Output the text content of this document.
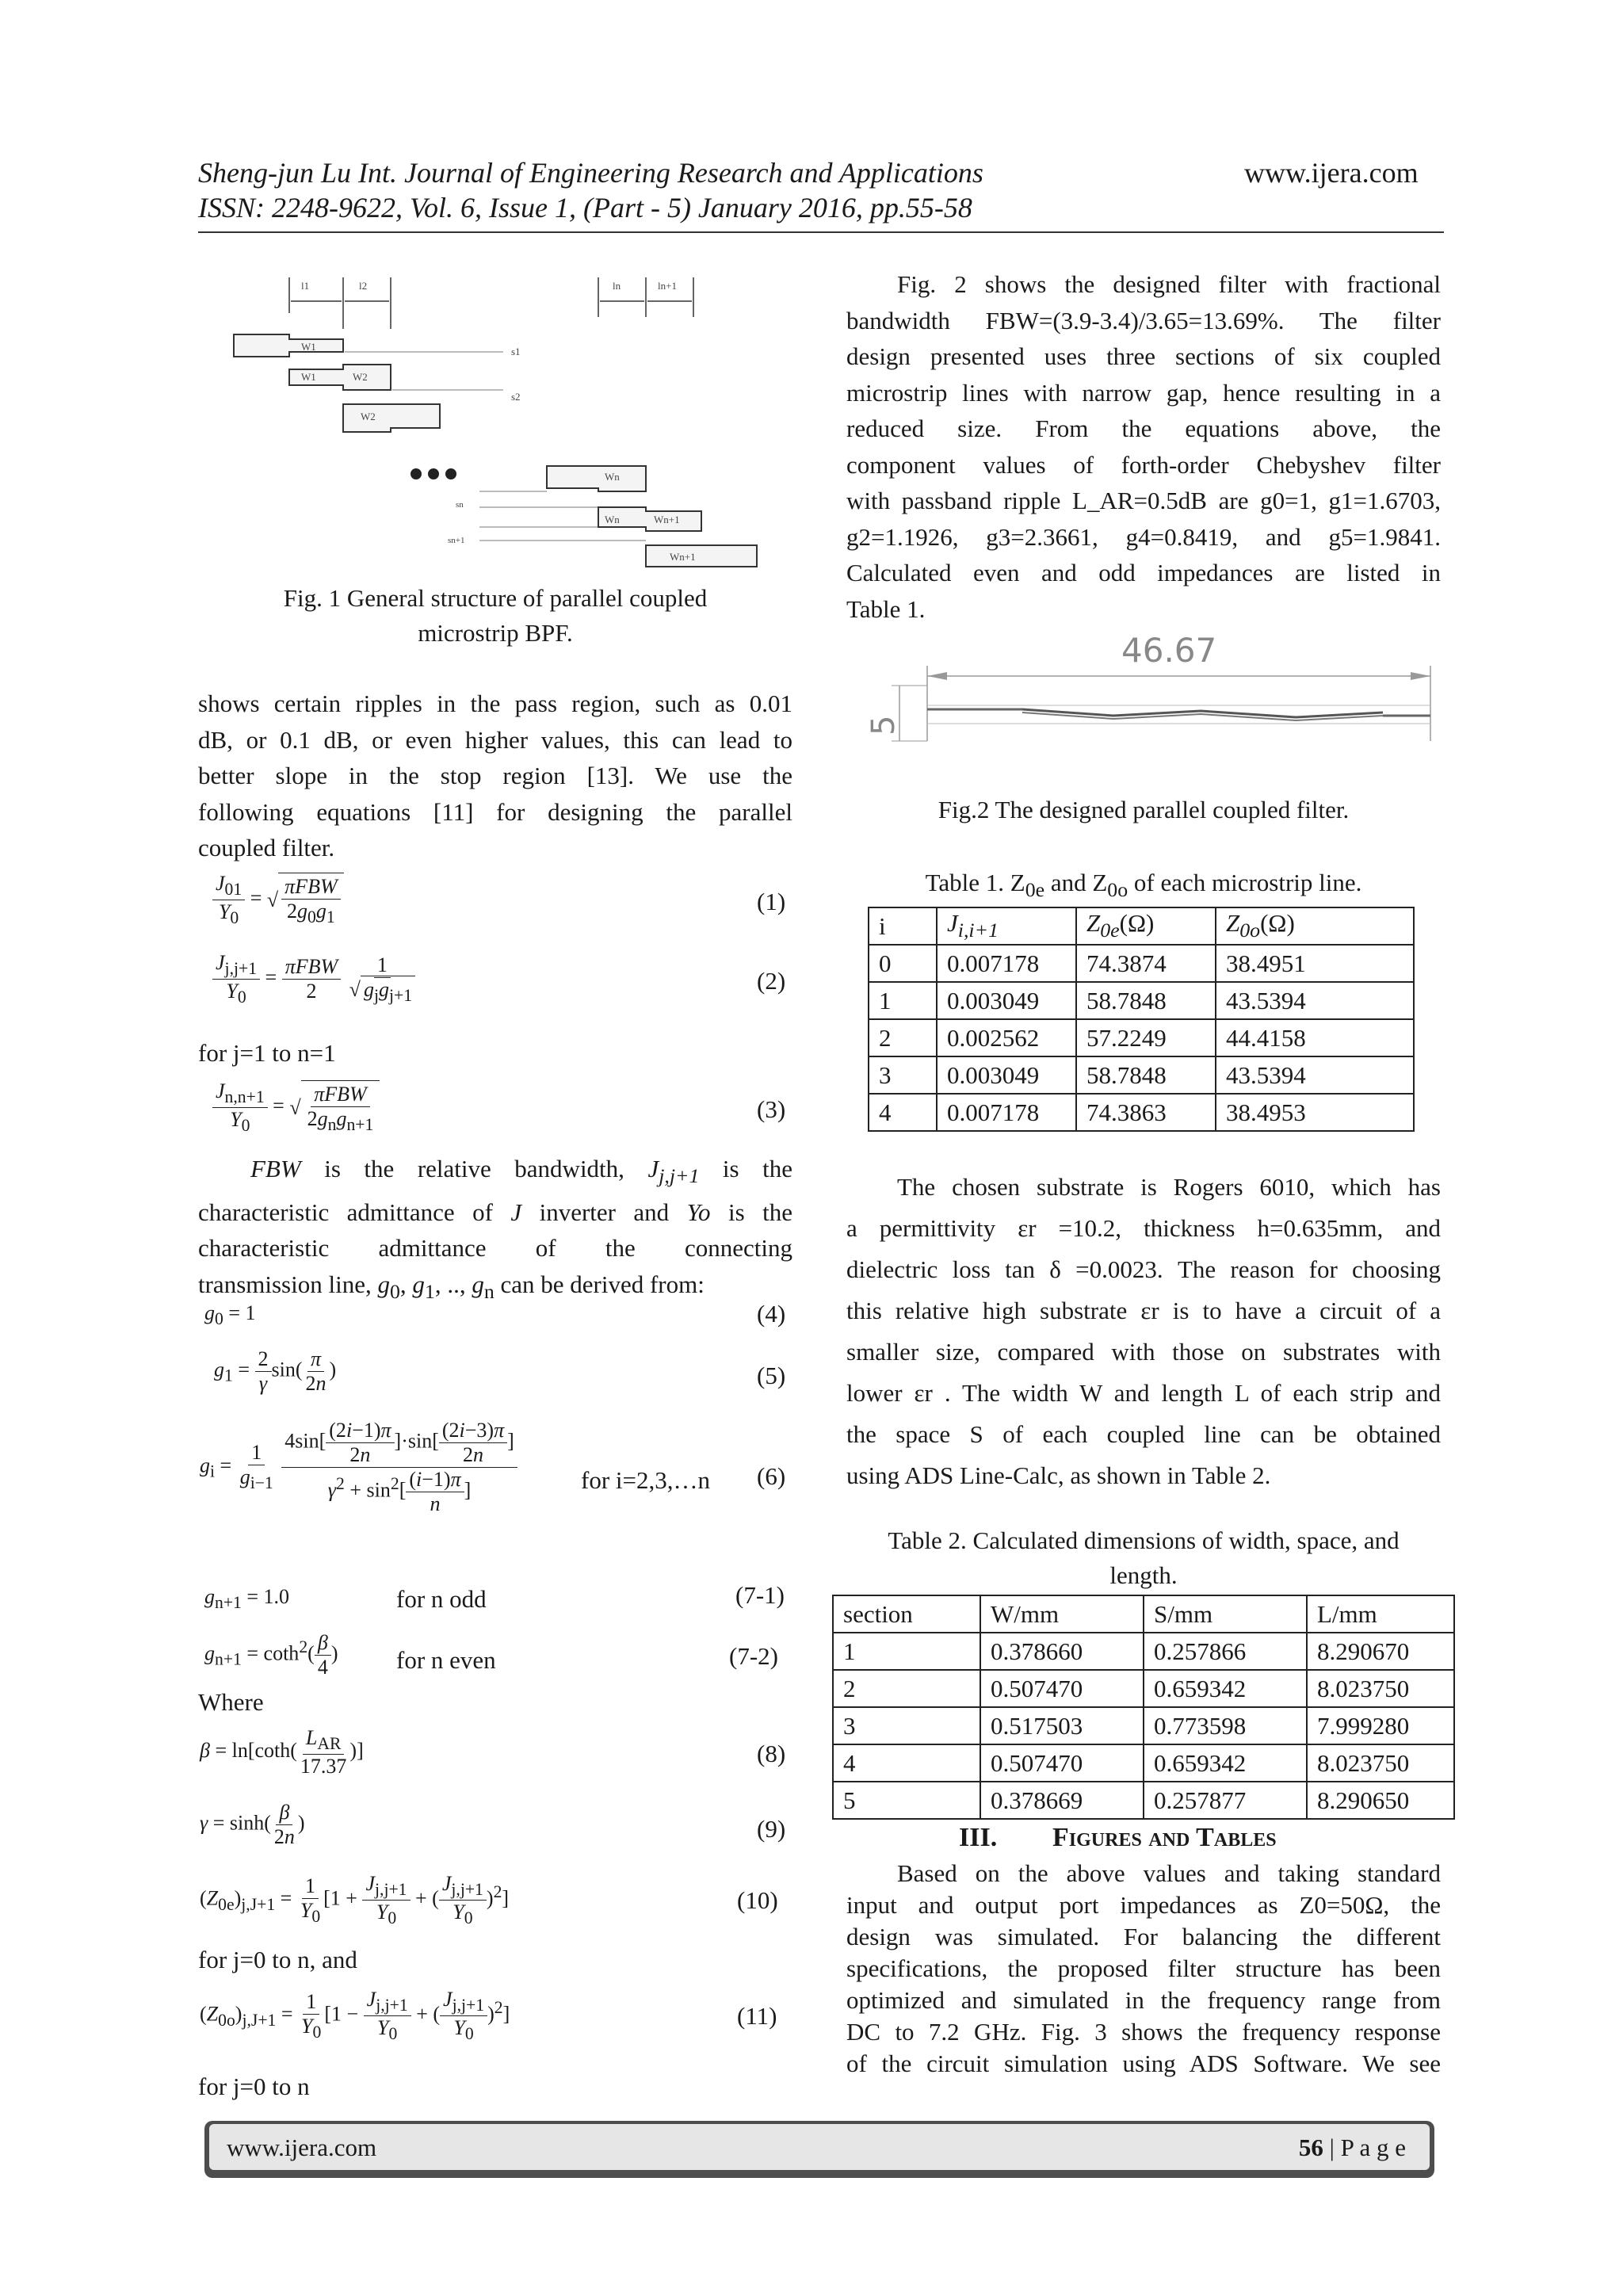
Sheng-jun Lu Int. Journal of Engineering Research and Applications	www.ijera.com
ISSN: 2248-9622, Vol. 6, Issue 1, (Part - 5) January 2016, pp.55-58
l1	l2	ln	ln+1
W1	s1
W1	W2
s2
W2
Wn
sn
Wn	Wn+1
sn+1
Wn+1
Fig. 1 General structure of parallel coupled
microstrip BPF.
shows certain ripples in the pass region, such as 0.01
dB, or 0.1 dB, or even higher values, this can lead to
better slope in the stop region [13]. We use the
following equations [11] for designing the parallel
coupled filter.
$\frac{J_{01}}{Y_0}$ = √ $\frac{\text{πFBW}}{2g_0g_1}$	(1)
$\frac{J_{j,j+1}}{Y_0} = \frac{\text{πFBW}}{2}$
$\frac{1}{√ g_jg_{j+1}}$	(2)
for j=1 to n=1
$\frac{J_{n,n+1}}{Y_0}$ = √ $\frac{\text{πFBW}}{2g_ng_{n+1}}$	(3)
FBW is the relative bandwidth, $J_{j,j+1}$ is the
characteristic admittance of J inverter and Yo is the
characteristic admittance of the connecting
transmission line, $g_0$, $g_1$, .., $g_n$ can be derived from:
$g_0 = 1$	(4)
$g_1 = \frac{2}{\gamma} \sin( \frac{\pi}{2n}$ )	(5)
$g_i = \frac{1}{g_{i-1}}$
$\frac{4\sin[ \frac{(2i-1)\pi}{2n} ]\cdot\sin[ \frac{(2i-3)\pi}{2n} ]}{\gamma^2 + \sin^2[ \frac{(i-1)\pi}{n} ]}$	for i=2,3,…n (6)
$g_{n+1} = 1.0$	for n odd	(7-1)
$g_{n+1} = \cot h^2( \frac{\beta}{4}$ ) for n even	(7-2)
Where
$\beta = \ln[\cot h( \frac{L_{AR}}{17.37}$ )]	(8)
$\gamma = \sinh( \frac{\beta}{2n}$ )	(9)
$(Z_{0e})_{j,J+1} = \frac{1}{Y_0} [1 + \frac{J_{j,j+1}}{Y_0}$ + ( $\frac{J_{j,j+1}}{Y_0} )^2$]	(10)
for j=0 to n, and
$(Z_{0o})_{j,J+1} = \frac{1}{Y_0} [1 - \frac{J_{j,j+1}}{Y_0}$ + ( $\frac{J_{j,j+1}}{Y_0} )^2$]	(11)
for j=0 to n
Fig. 2 shows the designed filter with fractional
bandwidth FBW=(3.9-3.4)/3.65=13.69%. The filter
design presented uses three sections of six coupled
microstrip lines with narrow gap, hence resulting in a
reduced size. From the equations above, the
component values of forth-order Chebyshev filter
with passband ripple L_AR=0.5dB are g0=1, g1=1.6703,
g2=1.1926, g3=2.3661, g4=0.8419, and g5=1.9841.
Calculated even and odd impedances are listed in
Table 1.
46.67
5
Fig.2 The designed parallel coupled filter.
Table 1. $Z_{0e}$ and $Z_{0o}$ of each microstrip line.
i	$J_{i,i+1}$	$Z_{0e}(\Omega)$	$Z_{0o}(\Omega)$
0	0.007178	74.3874	38.4951
1	0.003049	58.7848	43.5394
2	0.002562	57.2249	44.4158
3	0.003049	58.7848	43.5394
4	0.007178	74.3863	38.4953
The chosen substrate is Rogers 6010, which has
a permittivity εr =10.2, thickness h=0.635mm, and
dielectric loss tan δ =0.0023. The reason for choosing
this relative high substrate εr is to have a circuit of a
smaller size, compared with those on substrates with
lower εr . The width W and length L of each strip and
the space S of each coupled line can be obtained
using ADS Line-Calc, as shown in Table 2.
Table 2. Calculated dimensions of width, space, and
length.
section	W/mm	S/mm	L/mm
1	0.378660	0.257866	8.290670
2	0.507470	0.659342	8.023750
3	0.517503	0.773598	7.999280
4	0.507470	0.659342	8.023750
5	0.378669	0.257877	8.290650
III. Figures and Tables
Based on the above values and taking standard
input and output port impedances as Z0=50Ω, the
design was simulated. For balancing the different
specifications, the proposed filter structure has been
optimized and simulated in the frequency range from
DC to 7.2 GHz. Fig. 3 shows the frequency response
of the circuit simulation using ADS Software. We see
www.ijera.com	56 | P a g e
